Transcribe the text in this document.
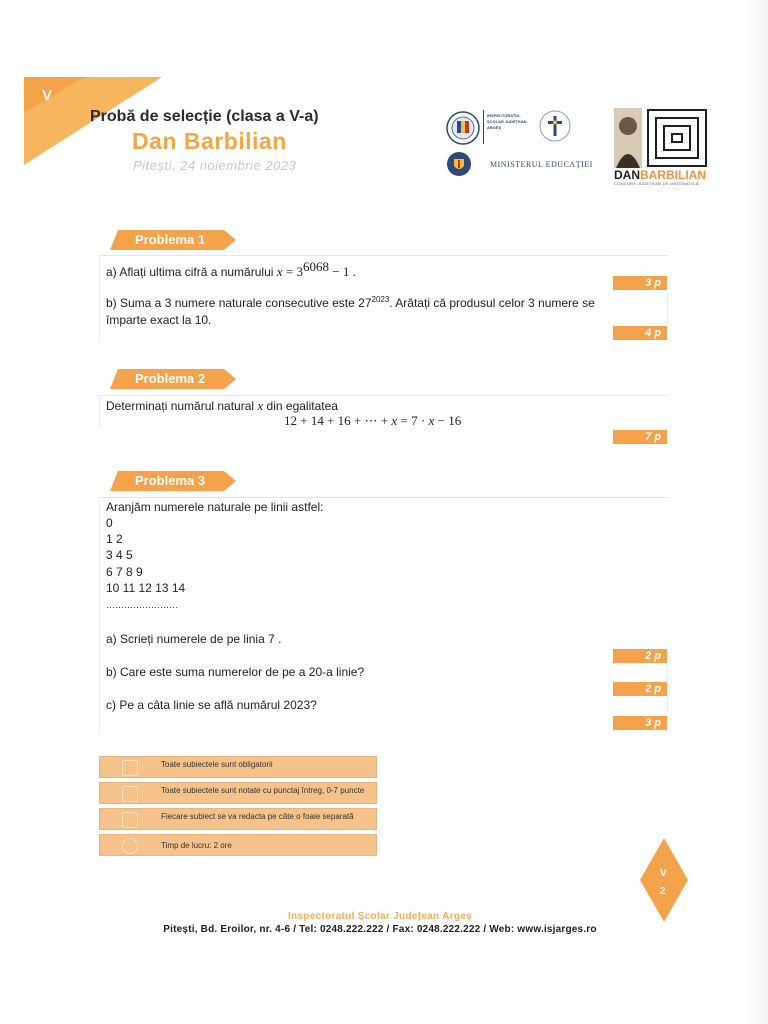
V
Probă de selecție (clasa a V-a)
Dan Barbilian
Pitești, 24 noiembrie 2023
INSPECTORATUL ȘCOLAR JUDEȚEAN ARGEȘ
MINISTERUL EDUCAȚIEI
DANBARBILIAN
CONCURS JUDEȚEAN DE MATEMATICĂ
Problema 1
a) Aflați ultima cifră a numărului $x = 3^{6068} - 1$ .
3 p
b) Suma a 3 numere naturale consecutive este $27^{2023}$. Arătați că produsul celor 3 numere se împarte exact la 10.
4 p
Problema 2
Determinați numărul natural x din egalitatea
12 + 14 + 16 + ⋯ + x = 7 · x − 16
7 p
Problema 3
Aranjăm numerele naturale pe linii astfel:
0
1 2
3 4 5
6 7 8 9
10 11 12 13 14
……………………
a) Scrieți numerele de pe linia 7 .
2 p
b) Care este suma numerelor de pe a 20-a linie?
2 p
c) Pe a câta linie se află numărul 2023?
3 p
Toate subiectele sunt obligatorii
Toate subiectele sunt notate cu punctaj întreg, 0-7 puncte
Fiecare subiect se va redacta pe câte o foaie separată
Timp de lucru: 2 ore
V
2
Inspectoratul Școlar Județean Argeș
Pitești, Bd. Eroilor, nr. 4-6 / Tel: 0248.222.222 / Fax: 0248.222.222 / Web: www.isjarges.ro
